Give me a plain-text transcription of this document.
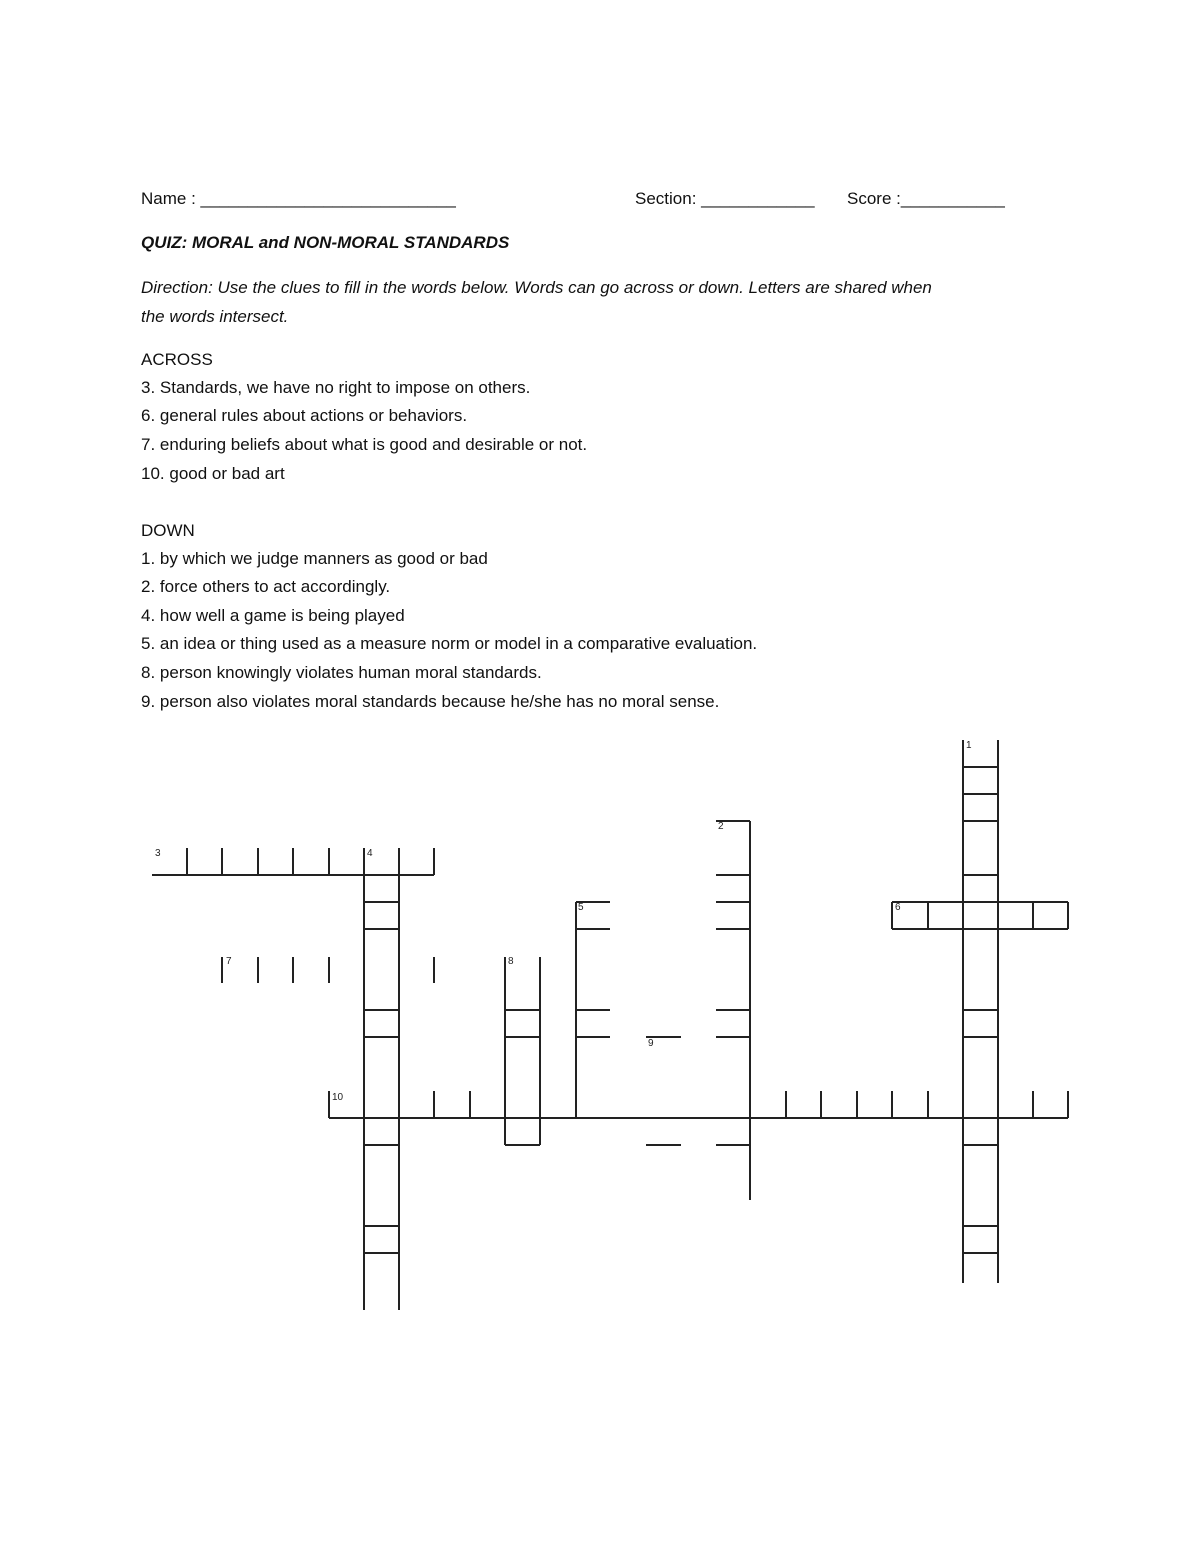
Name : ___________________________	Section: ____________ Score :___________
QUIZ: MORAL and NON-MORAL STANDARDS
Direction: Use the clues to fill in the words below. Words can go across or down. Letters are shared when
the words intersect.
ACROSS
3. Standards, we have no right to impose on others.
6. general rules about actions or behaviors.
7. enduring beliefs about what is good and desirable or not.
10. good or bad art
DOWN
1. by which we judge manners as good or bad
2. force others to act accordingly.
4. how well a game is being played
5. an idea or thing used as a measure norm or model in a comparative evaluation.
8. person knowingly violates human moral standards.
9. person also violates moral standards because he/she has no moral sense.
1
2
3	4
5	6
7	8
9
10
